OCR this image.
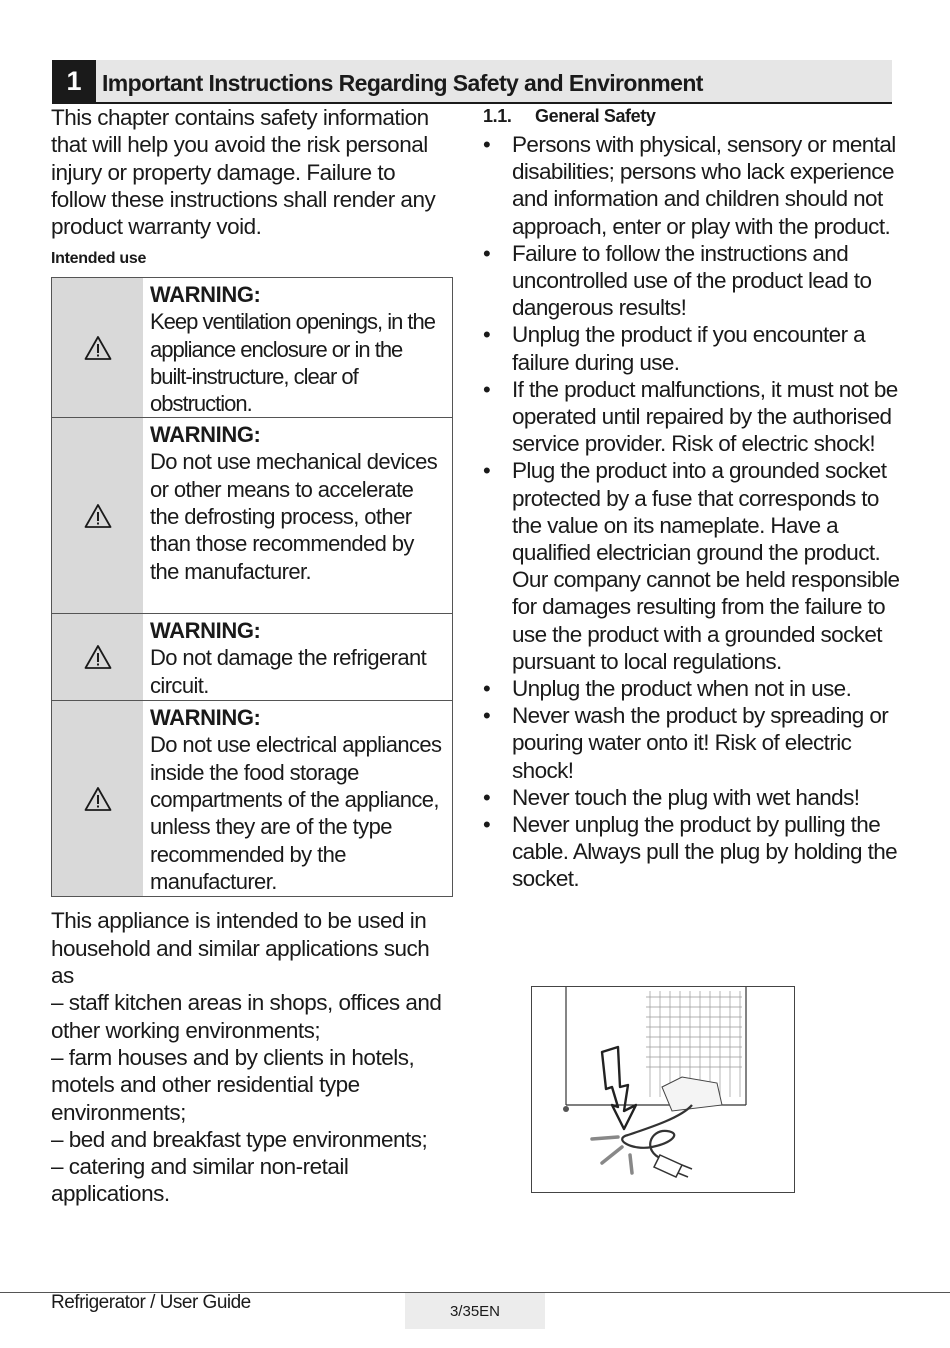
1 Important Instructions Regarding Safety and Environment

This chapter contains safety information that will help you avoid the risk personal injury or property damage. Failure to follow these instructions shall render any product warranty void.

Intended use
WARNING:
Keep ventilation openings, in the appliance enclosure or in the built-instructure, clear of obstruction.
WARNING:
Do not use mechanical devices or other means to accelerate the defrosting process, other than those recommended by the manufacturer.
WARNING:
Do not damage the refrigerant circuit.
WARNING:
Do not use electrical appliances inside the food storage compartments of the appliance, unless they are of the type recommended by the manufacturer.
This appliance is intended to be used in household and similar applications such as
– staff kitchen areas in shops, offices and other working environments;
– farm houses and by clients in hotels, motels and other residential type environments;
– bed and breakfast type environments;
– catering and similar non-retail applications.
1.1. General Safety
• Persons with physical, sensory or mental disabilities; persons who lack experience and information and children should not approach, enter or play with the product.
• Failure to follow the instructions and uncontrolled use of the product lead to dangerous results!
• Unplug the product if you encounter a failure during use.
• If the product malfunctions, it must not be operated until repaired by the authorised service provider. Risk of electric shock!
• Plug the product into a grounded socket protected by a fuse that corresponds to the value on its nameplate. Have a qualified electrician ground the product. Our company cannot be held responsible for damages resulting from the failure to use the product with a grounded socket pursuant to local regulations.
• Unplug the product when not in use.
• Never wash the product by spreading or pouring water onto it! Risk of electric shock!
• Never touch the plug with wet hands!
• Never unplug the product by pulling the cable. Always pull the plug by holding the socket.
Refrigerator / User Guide	3/35EN
